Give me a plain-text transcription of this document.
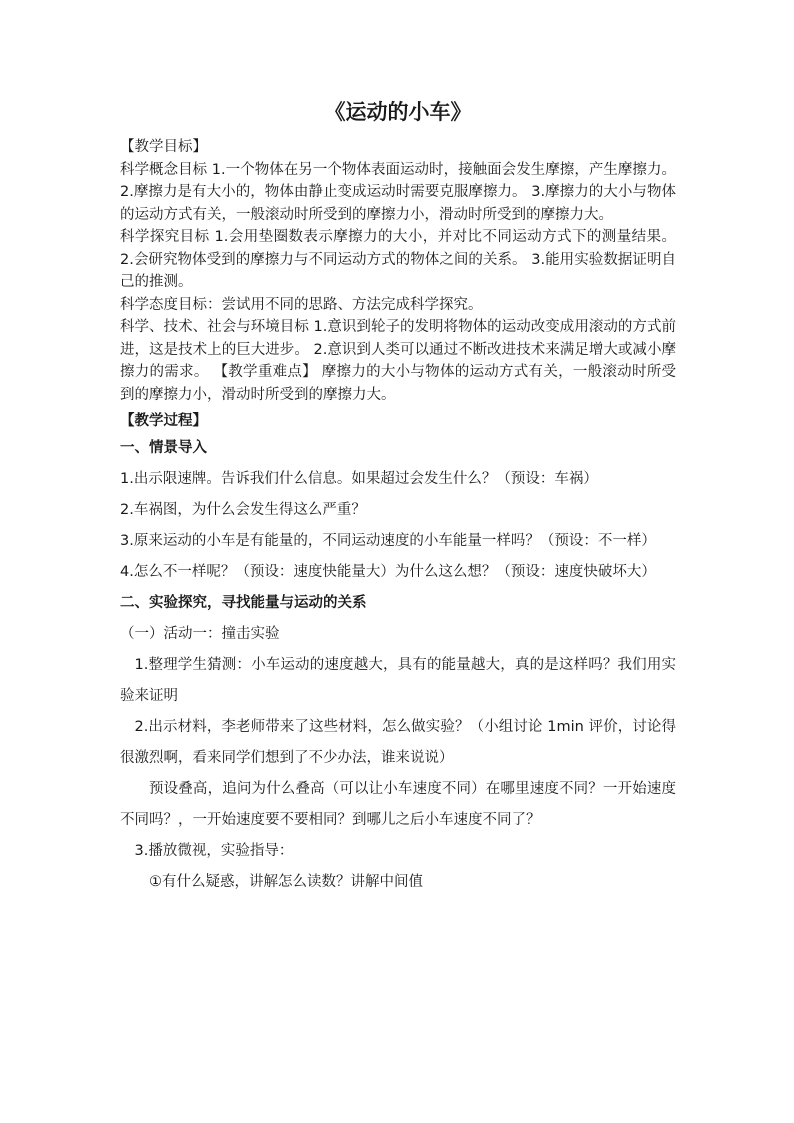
《运动的小车》

【教学目标】

科学概念目标 1.一个物体在另一个物体表面运动时，接触面会发生摩擦，产生摩擦力。 2.摩擦力是有大小的，物体由静止变成运动时需要克服摩擦力。 3.摩擦力的大小与物体的运动方式有关，一般滚动时所受到的摩擦力小，滑动时所受到的摩擦力大。

科学探究目标 1.会用垫圈数表示摩擦力的大小，并对比不同运动方式下的测量结果。 2.会研究物体受到的摩擦力与不同运动方式的物体之间的关系。 3.能用实验数据证明自己的推测。

科学态度目标：尝试用不同的思路、方法完成科学探究。

科学、技术、社会与环境目标 1.意识到轮子的发明将物体的运动改变成用滚动的方式前进，这是技术上的巨大进步。 2.意识到人类可以通过不断改进技术来满足增大或减小摩擦力的需求。 【教学重难点】 摩擦力的大小与物体的运动方式有关，一般滚动时所受到的摩擦力小，滑动时所受到的摩擦力大。

【教学过程】

一、情景导入

1.出示限速牌。告诉我们什么信息。如果超过会发生什么？（预设：车祸）

2.车祸图，为什么会发生得这么严重？

3.原来运动的小车是有能量的，不同运动速度的小车能量一样吗？（预设：不一样）

4.怎么不一样呢？（预设：速度快能量大）为什么这么想？（预设：速度快破坏大）

二、实验探究，寻找能量与运动的关系

（一）活动一：撞击实验

1.整理学生猜测：小车运动的速度越大，具有的能量越大，真的是这样吗？我们用实验来证明

2.出示材料，李老师带来了这些材料，怎么做实验？（小组讨论 1min 评价，讨论得很激烈啊，看来同学们想到了不少办法，谁来说说）

预设叠高，追问为什么叠高（可以让小车速度不同）在哪里速度不同？一开始速度不同吗？，一开始速度要不要相同？到哪儿之后小车速度不同了？

3.播放微视，实验指导：

①有什么疑惑，讲解怎么读数？讲解中间值
